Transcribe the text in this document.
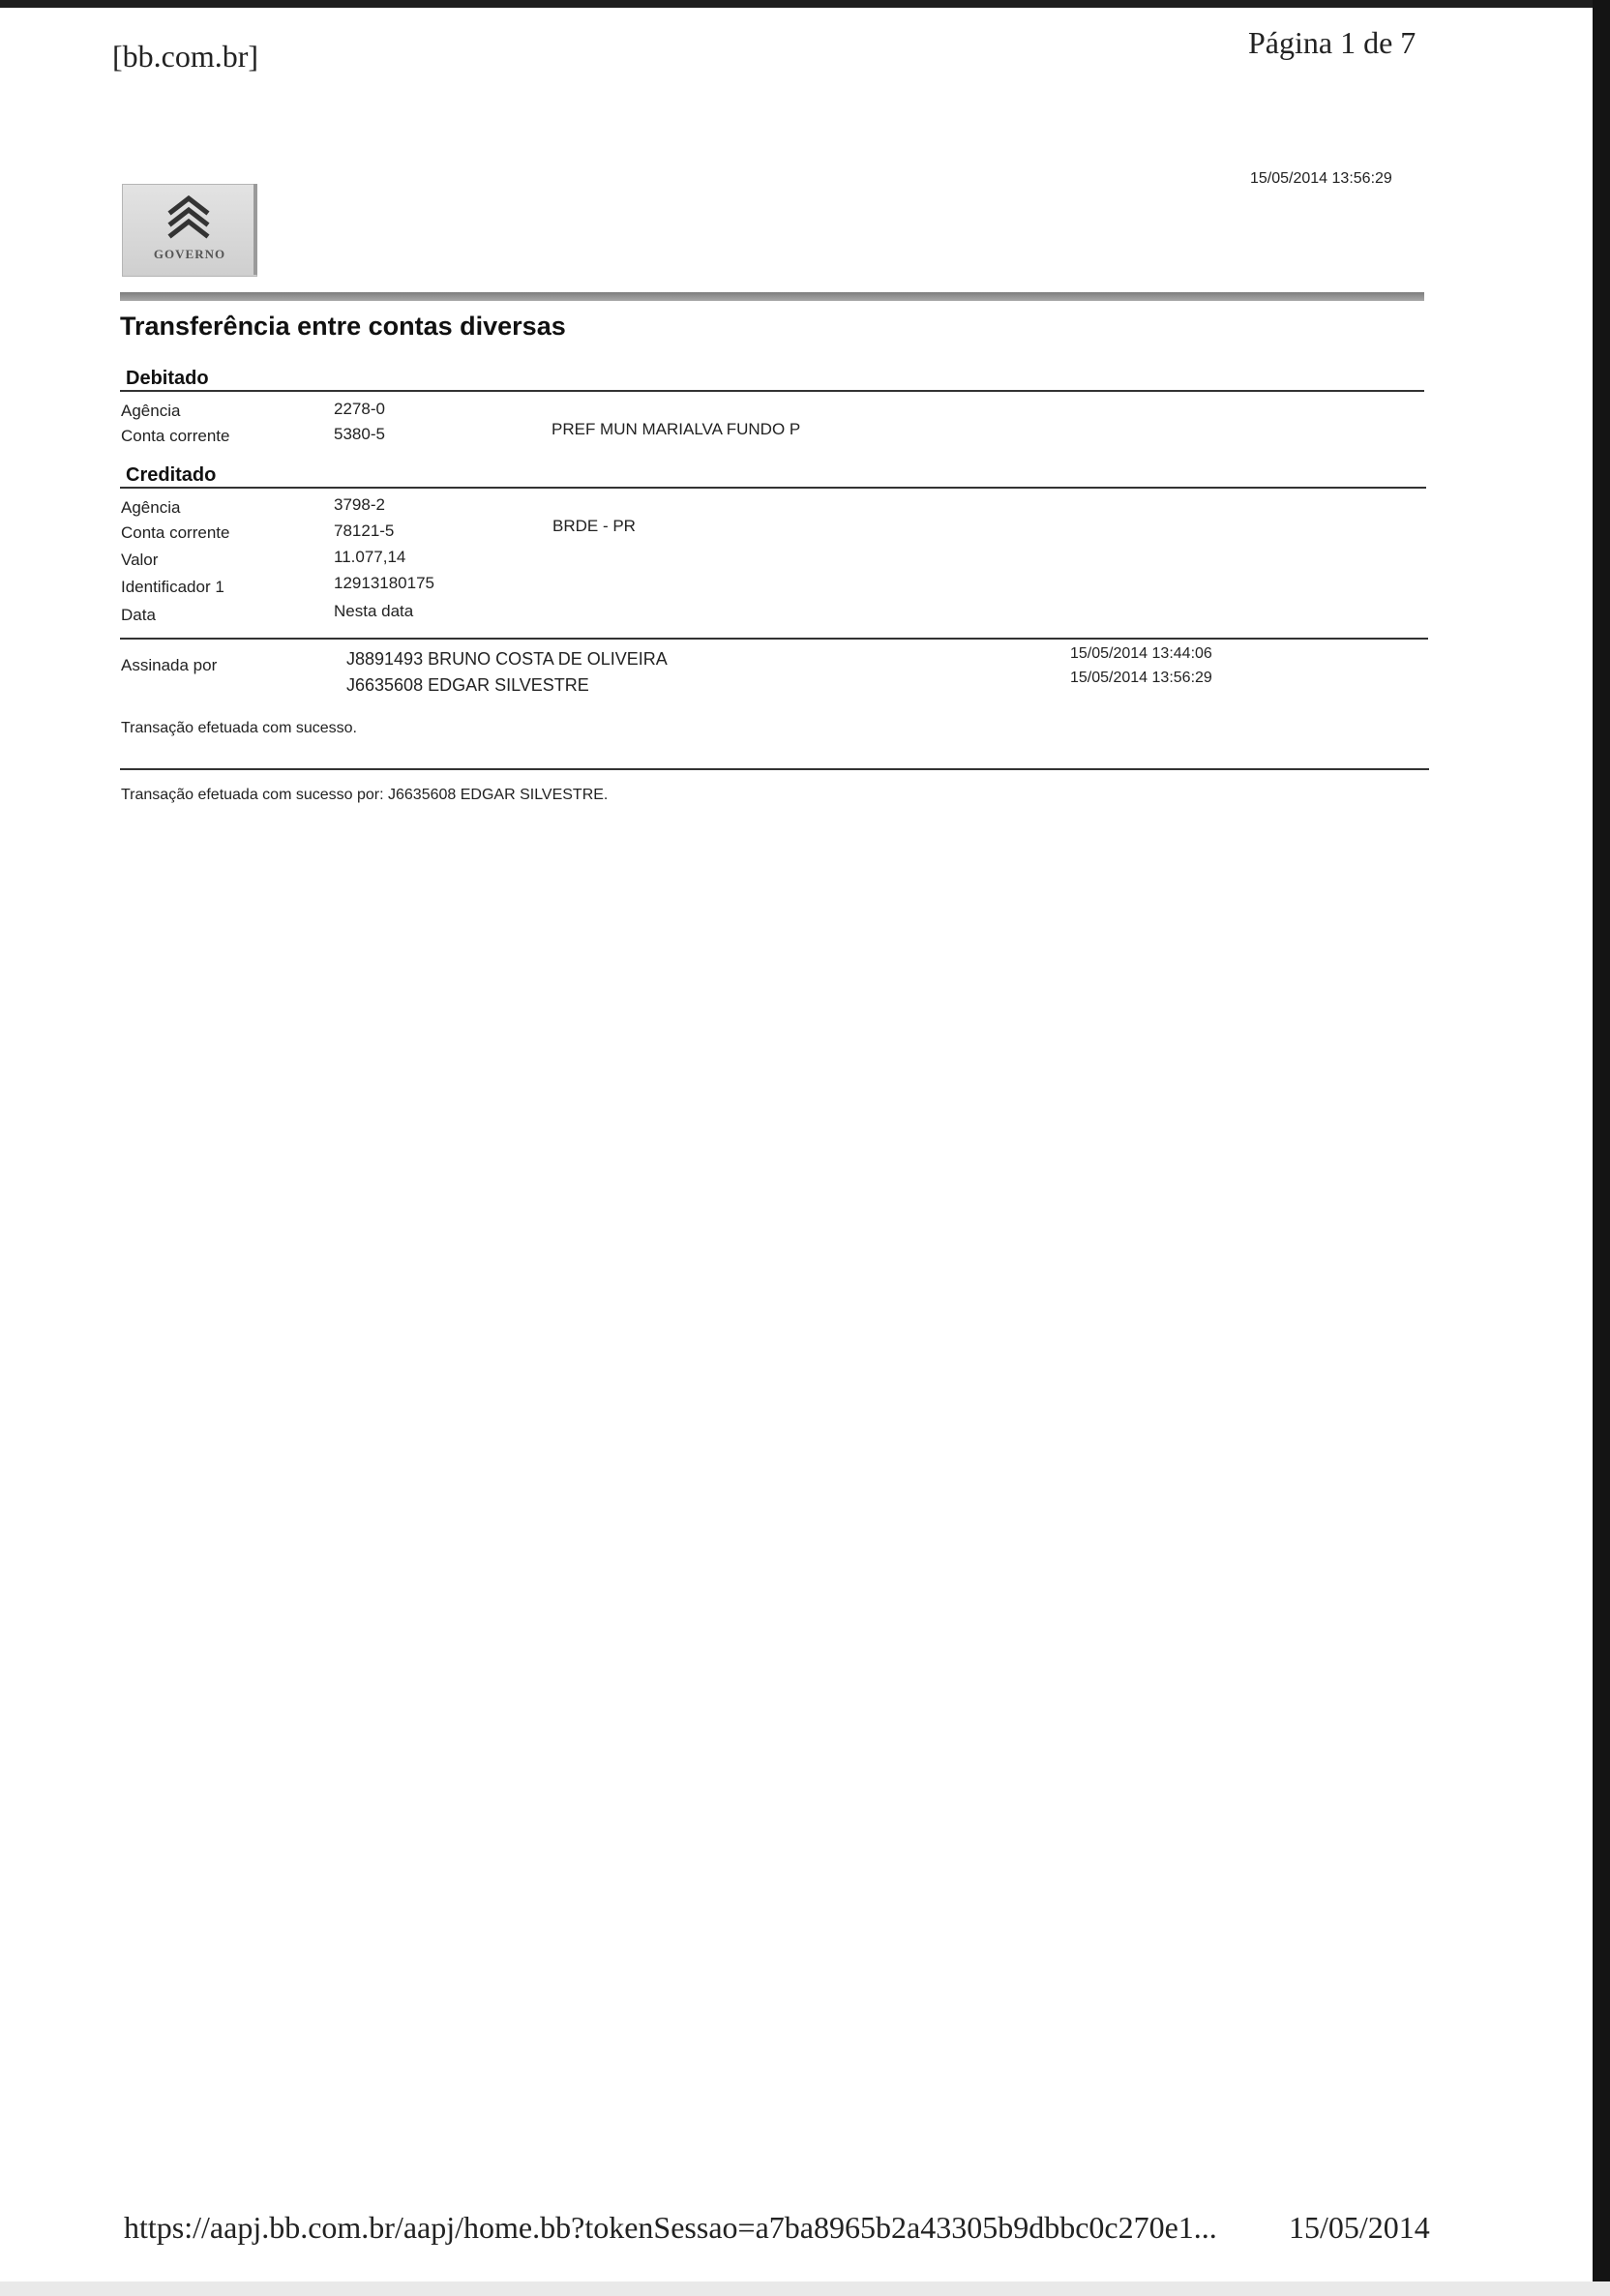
[bb.com.br]	Página 1 de 7
15/05/2014 13:56:29
GOVERNO
Transferência entre contas diversas
Debitado
Agência	2278-0
Conta corrente	5380-5	PREF MUN MARIALVA FUNDO P
Creditado
Agência	3798-2
Conta corrente	78121-5	BRDE - PR
Valor	11.077,14
Identificador 1	12913180175
Data	Nesta data
Assinada por	J8891493 BRUNO COSTA DE OLIVEIRA	15/05/2014 13:44:06
J6635608 EDGAR SILVESTRE	15/05/2014 13:56:29
Transação efetuada com sucesso.
Transação efetuada com sucesso por: J6635608 EDGAR SILVESTRE.
https://aapj.bb.com.br/aapj/home.bb?tokenSessao=a7ba8965b2a43305b9dbbc0c270e1... 15/05/2014
